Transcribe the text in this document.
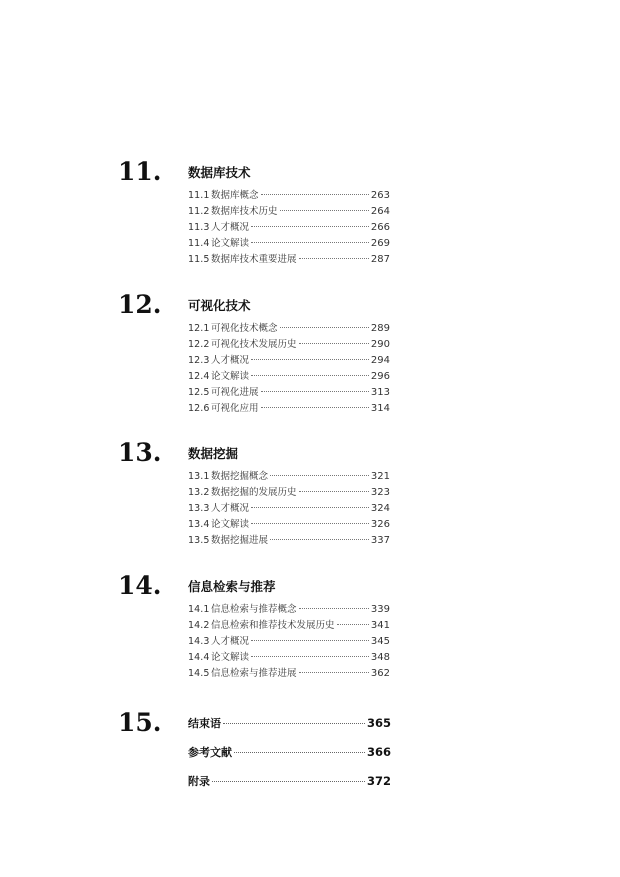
11. 数据库技术
11.1 数据库概念	263
11.2 数据库技术历史	264
11.3 人才概况	266
11.4 论文解读	269
11.5 数据库技术重要进展	287
12. 可视化技术
12.1 可视化技术概念	289
12.2 可视化技术发展历史	290
12.3 人才概况	294
12.4 论文解读	296
12.5 可视化进展	313
12.6 可视化应用	314
13. 数据挖掘
13.1 数据挖掘概念	321
13.2 数据挖掘的发展历史	323
13.3 人才概况	324
13.4 论文解读	326
13.5 数据挖掘进展	337
14. 信息检索与推荐
14.1 信息检索与推荐概念	339
14.2 信息检索和推荐技术发展历史	341
14.3 人才概况	345
14.4 论文解读	348
14.5 信息检索与推荐进展	362
15. 结束语	365
参考文献	366
附录	372
